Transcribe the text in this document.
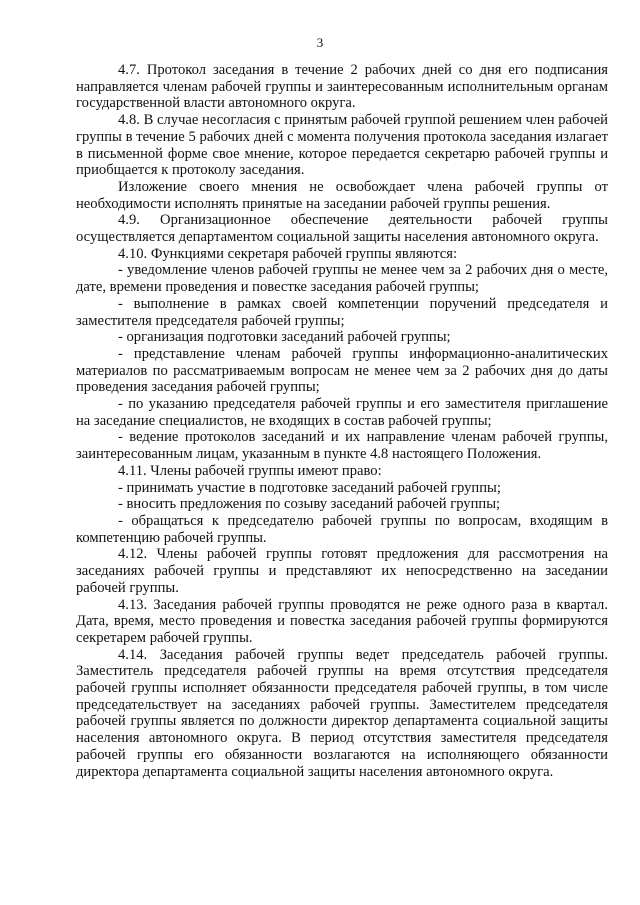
3

4.7. Протокол заседания в течение 2 рабочих дней со дня его подписания направляется членам рабочей группы и заинтересованным исполнительным органам государственной власти автономного округа.

4.8. В случае несогласия с принятым рабочей группой решением член рабочей группы в течение 5 рабочих дней с момента получения протокола заседания излагает в письменной форме свое мнение, которое передается секретарю рабочей группы и приобщается к протоколу заседания.

Изложение своего мнения не освобождает члена рабочей группы от необходимости исполнять принятые на заседании рабочей группы решения.

4.9. Организационное обеспечение деятельности рабочей группы осуществляется департаментом социальной защиты населения автономного округа.

4.10. Функциями секретаря рабочей группы являются:

- уведомление членов рабочей группы не менее чем за 2 рабочих дня о месте, дате, времени проведения и повестке заседания рабочей группы;

- выполнение в рамках своей компетенции поручений председателя и заместителя председателя рабочей группы;

- организация подготовки заседаний рабочей группы;

- представление членам рабочей группы информационно-аналитических материалов по рассматриваемым вопросам не менее чем за 2 рабочих дня до даты проведения заседания рабочей группы;

- по указанию председателя рабочей группы и его заместителя приглашение на заседание специалистов, не входящих в состав рабочей группы;

- ведение протоколов заседаний и их направление членам рабочей группы, заинтересованным лицам, указанным в пункте 4.8 настоящего Положения.

4.11. Члены рабочей группы имеют право:

- принимать участие в подготовке заседаний рабочей группы;

- вносить предложения по созыву заседаний рабочей группы;

- обращаться к председателю рабочей группы по вопросам, входящим в компетенцию рабочей группы.

4.12. Члены рабочей группы готовят предложения для рассмотрения на заседаниях рабочей группы и представляют их непосредственно на заседании рабочей группы.

4.13. Заседания рабочей группы проводятся не реже одного раза в квартал. Дата, время, место проведения и повестка заседания рабочей группы формируются секретарем рабочей группы.

4.14. Заседания рабочей группы ведет председатель рабочей группы. Заместитель председателя рабочей группы на время отсутствия председателя рабочей группы исполняет обязанности председателя рабочей группы, в том числе председательствует на заседаниях рабочей группы. Заместителем председателя рабочей группы является по должности директор департамента социальной защиты населения автономного округа. В период отсутствия заместителя председателя рабочей группы его обязанности возлагаются на исполняющего обязанности директора департамента социальной защиты населения автономного округа.
